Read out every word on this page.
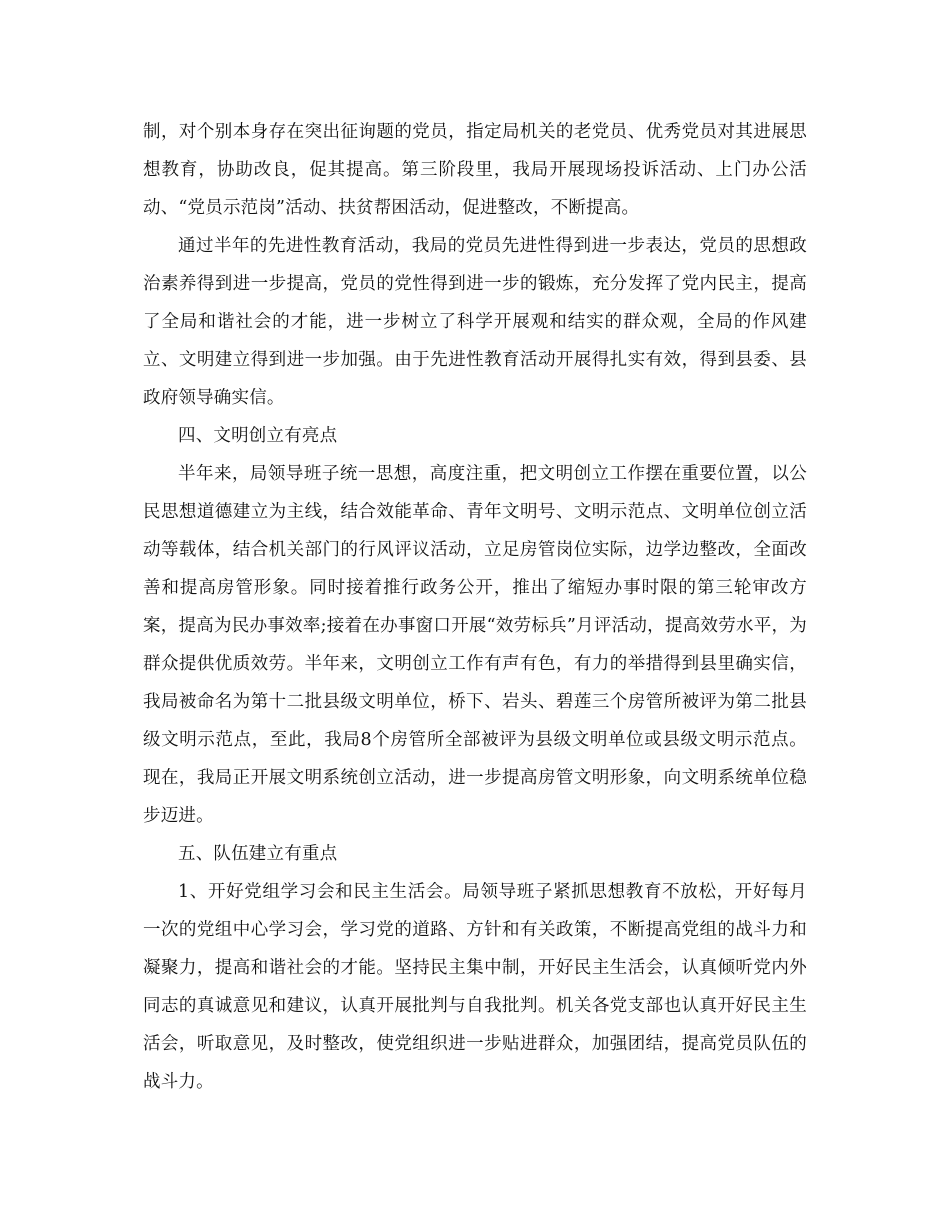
制，对个别本身存在突出征询题的党员，指定局机关的老党员、优秀党员对其进展思想教育，协助改良，促其提高。第三阶段里，我局开展现场投诉活动、上门办公活动、“党员示范岗”活动、扶贫帮困活动，促进整改，不断提高。

通过半年的先进性教育活动，我局的党员先进性得到进一步表达，党员的思想政治素养得到进一步提高，党员的党性得到进一步的锻炼，充分发挥了党内民主，提高了全局和谐社会的才能，进一步树立了科学开展观和结实的群众观，全局的作风建立、文明建立得到进一步加强。由于先进性教育活动开展得扎实有效，得到县委、县政府领导确实信。

四、文明创立有亮点

半年来，局领导班子统一思想，高度注重，把文明创立工作摆在重要位置，以公民思想道德建立为主线，结合效能革命、青年文明号、文明示范点、文明单位创立活动等载体，结合机关部门的行风评议活动，立足房管岗位实际，边学边整改，全面改善和提高房管形象。同时接着推行政务公开，推出了缩短办事时限的第三轮审改方案，提高为民办事效率;接着在办事窗口开展“效劳标兵”月评活动，提高效劳水平，为群众提供优质效劳。半年来，文明创立工作有声有色，有力的举措得到县里确实信，我局被命名为第十二批县级文明单位，桥下、岩头、碧莲三个房管所被评为第二批县级文明示范点，至此，我局8个房管所全部被评为县级文明单位或县级文明示范点。现在，我局正开展文明系统创立活动，进一步提高房管文明形象，向文明系统单位稳步迈进。

五、队伍建立有重点

1、开好党组学习会和民主生活会。局领导班子紧抓思想教育不放松，开好每月一次的党组中心学习会，学习党的道路、方针和有关政策，不断提高党组的战斗力和凝聚力，提高和谐社会的才能。坚持民主集中制，开好民主生活会，认真倾听党内外同志的真诚意见和建议，认真开展批判与自我批判。机关各党支部也认真开好民主生活会，听取意见，及时整改，使党组织进一步贴进群众，加强团结，提高党员队伍的战斗力。
